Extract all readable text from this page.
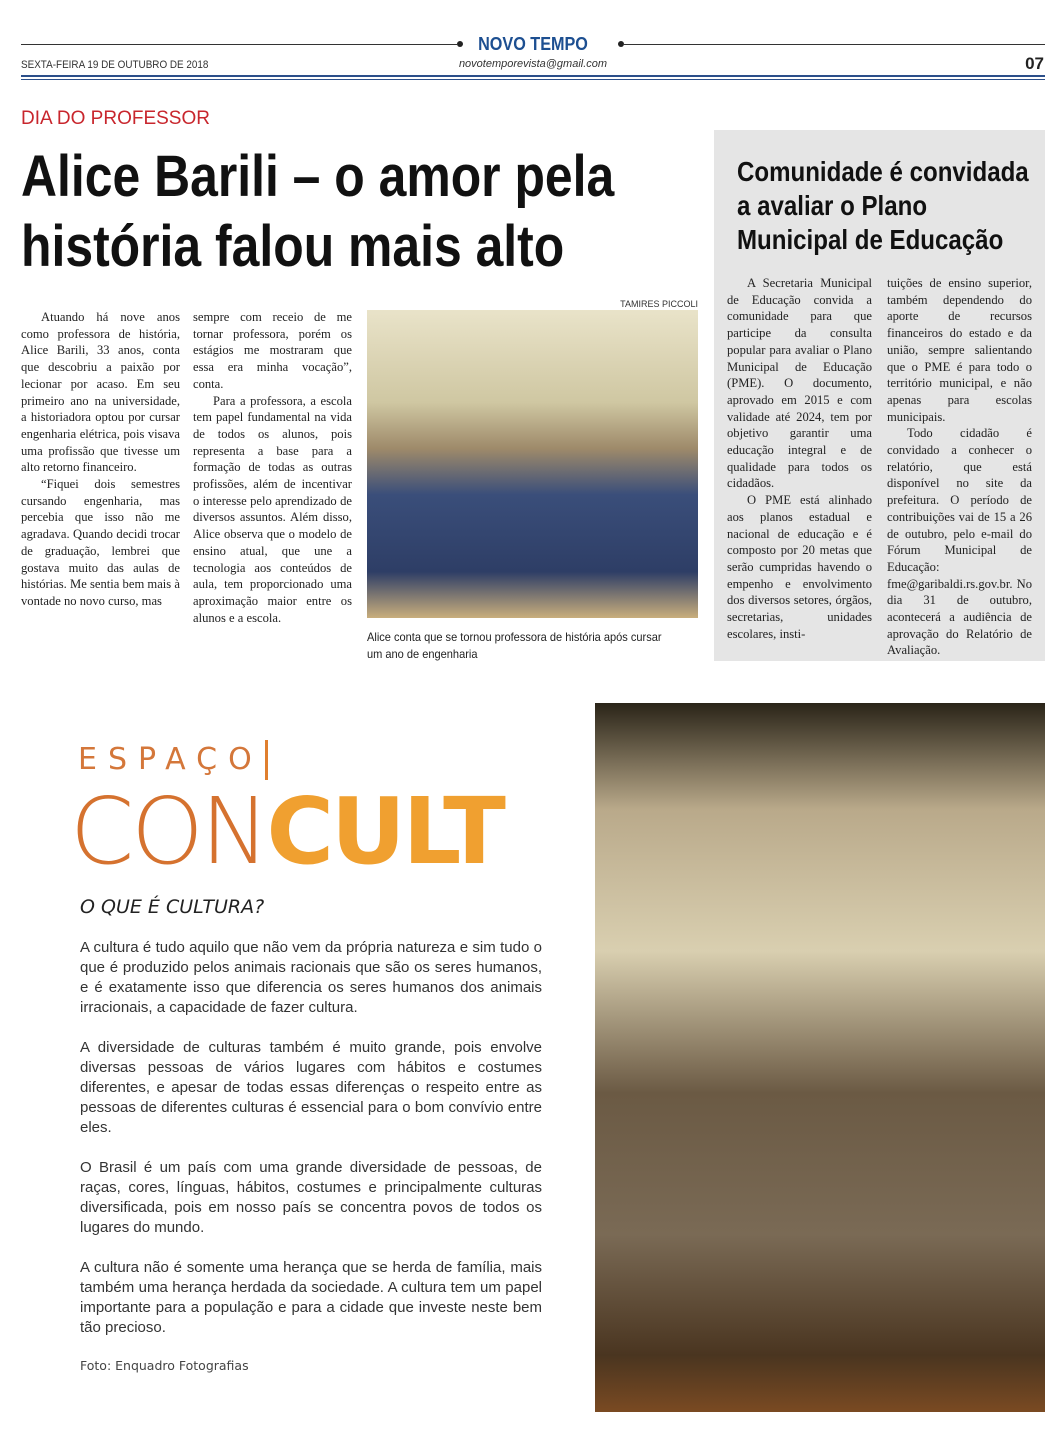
NOVO TEMPO
novotemporevista@gmail.com
SEXTA-FEIRA 19 DE OUTUBRO DE 2018	07
DIA DO PROFESSOR
Alice Barili – o amor pela
história falou mais alto

Atuando há nove anos como professora de história, Alice Barili, 33 anos, conta que descobriu a paixão por lecionar por acaso. Em seu primeiro ano na universidade, a historiadora optou por cursar engenharia elétrica, pois visava uma profissão que tivesse um alto retorno financeiro.

“Fiquei dois semestres cursando engenharia, mas percebia que isso não me agradava. Quando decidi trocar de graduação, lembrei que gostava muito das aulas de histórias. Me sentia bem mais à vontade no novo curso, mas

sempre com receio de me tornar professora, porém os estágios me mostraram que essa era minha vocação”, conta.

Para a professora, a escola tem papel fundamental na vida de todos os alunos, pois representa a base para a formação de todas as outras profissões, além de incentivar o interesse pelo aprendizado de diversos assuntos. Além disso, Alice observa que o modelo de ensino atual, que une a tecnologia aos conteúdos de aula, tem proporcionado uma aproximação maior entre os alunos e a escola.

TAMIRES PICCOLI
Alice conta que se tornou professora de história após cursar um ano de engenharia
Comunidade é convidada
a avaliar o Plano
Municipal de Educação

A Secretaria Municipal de Educação convida a comunidade para que participe da consulta popular para avaliar o Plano Municipal de Educação (PME). O documento, aprovado em 2015 e com validade até 2024, tem por objetivo garantir uma educação integral e de qualidade para todos os cidadãos.

O PME está alinhado aos planos estadual e nacional de educação e é composto por 20 metas que serão cumpridas havendo o empenho e envolvimento dos diversos setores, órgãos, secretarias, unidades escolares, insti-

tuições de ensino superior, também dependendo do aporte de recursos financeiros do estado e da união, sempre salientando que o PME é para todo o território municipal, e não apenas para escolas municipais.

Todo cidadão é convidado a conhecer o relatório, que está disponível no site da prefeitura. O período de contribuições vai de 15 a 26 de outubro, pelo e-mail do Fórum Municipal de Educação: fme@garibaldi.rs.gov.br. No dia 31 de outubro, acontecerá a audiência de aprovação do Relatório de Avaliação.

ESPAÇO
CONCULT
O QUE É CULTURA?

A cultura é tudo aquilo que não vem da própria natureza e sim tudo o que é produzido pelos animais racionais que são os seres humanos, e é exatamente isso que diferencia os seres humanos dos animais irracionais, a capacidade de fazer cultura.

A diversidade de culturas também é muito grande, pois envolve diversas pessoas de vários lugares com hábitos e costumes diferentes, e apesar de todas essas diferenças o respeito entre as pessoas de diferentes culturas é essencial para o bom convívio entre eles.

O Brasil é um país com uma grande diversidade de pessoas, de raças, cores, línguas, hábitos, costumes e principalmente culturas diversificada, pois em nosso país se concentra povos de todos os lugares do mundo.

A cultura não é somente uma herança que se herda de família, mais também uma herança herdada da sociedade. A cultura tem um papel importante para a população e para a cidade que investe neste bem tão precioso.

Foto: Enquadro Fotografias
